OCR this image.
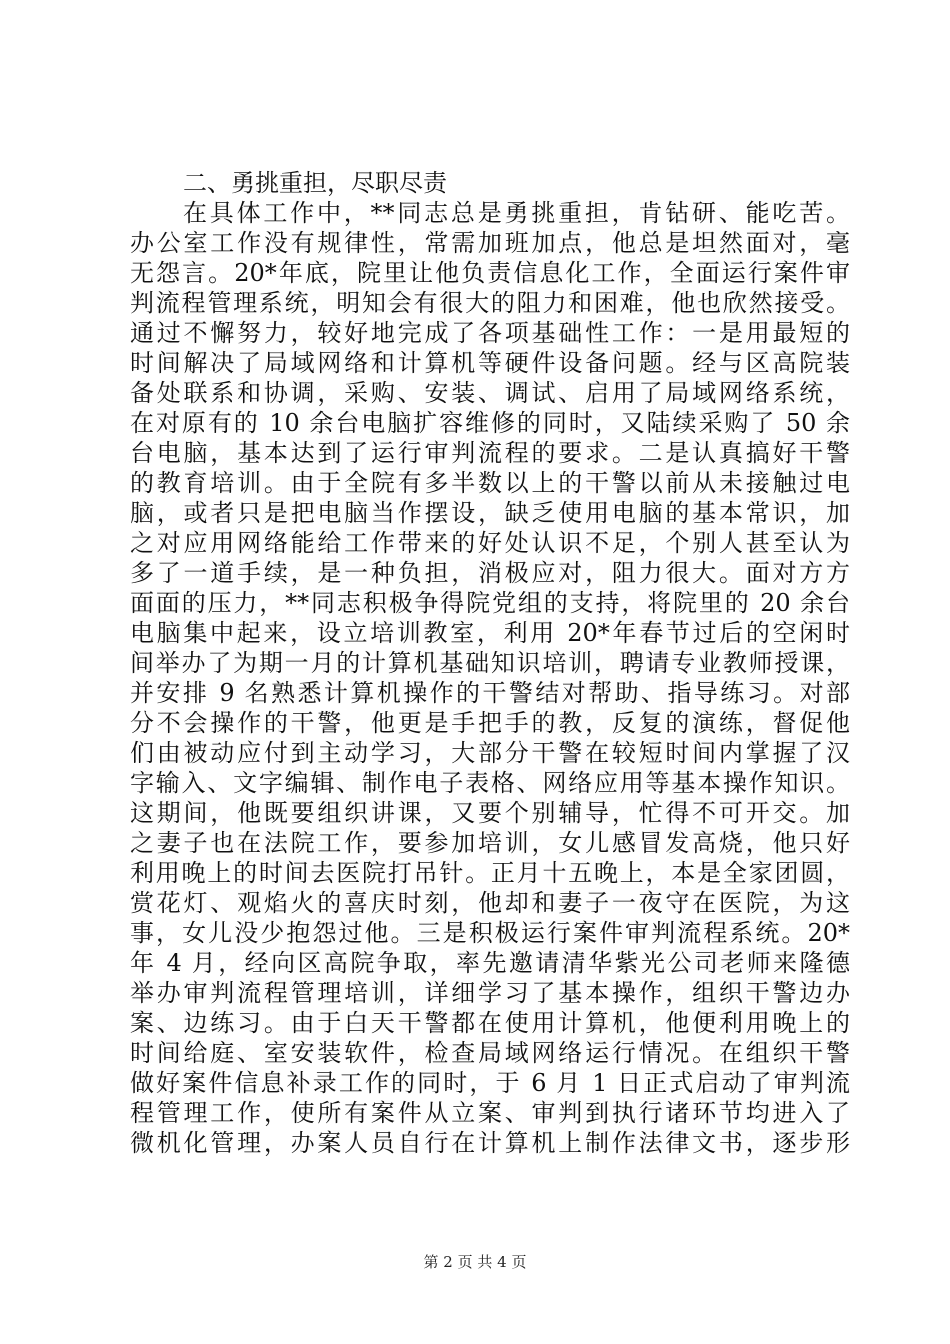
二、勇挑重担，尽职尽责
在具体工作中，**同志总是勇挑重担，肯钻研、能吃苦。
办公室工作没有规律性，常需加班加点，他总是坦然面对，毫
无怨言。20*年底，院里让他负责信息化工作，全面运行案件审
判流程管理系统，明知会有很大的阻力和困难，他也欣然接受。
通过不懈努力，较好地完成了各项基础性工作：一是用最短的
时间解决了局域网络和计算机等硬件设备问题。经与区高院装
备处联系和协调，采购、安装、调试、启用了局域网络系统，
在对原有的 10 余台电脑扩容维修的同时，又陆续采购了 50 余
台电脑，基本达到了运行审判流程的要求。二是认真搞好干警
的教育培训。由于全院有多半数以上的干警以前从未接触过电
脑，或者只是把电脑当作摆设，缺乏使用电脑的基本常识，加
之对应用网络能给工作带来的好处认识不足，个别人甚至认为
多了一道手续，是一种负担，消极应对，阻力很大。面对方方
面面的压力，**同志积极争得院党组的支持，将院里的 20 余台
电脑集中起来，设立培训教室，利用 20*年春节过后的空闲时
间举办了为期一月的计算机基础知识培训，聘请专业教师授课，
并安排 9 名熟悉计算机操作的干警结对帮助、指导练习。对部
分不会操作的干警，他更是手把手的教，反复的演练，督促他
们由被动应付到主动学习，大部分干警在较短时间内掌握了汉
字输入、文字编辑、制作电子表格、网络应用等基本操作知识。
这期间，他既要组织讲课，又要个别辅导，忙得不可开交。加
之妻子也在法院工作，要参加培训，女儿感冒发高烧，他只好
利用晚上的时间去医院打吊针。正月十五晚上，本是全家团圆，
赏花灯、观焰火的喜庆时刻，他却和妻子一夜守在医院，为这
事，女儿没少抱怨过他。三是积极运行案件审判流程系统。20*
年 4 月，经向区高院争取，率先邀请清华紫光公司老师来隆德
举办审判流程管理培训，详细学习了基本操作，组织干警边办
案、边练习。由于白天干警都在使用计算机，他便利用晚上的
时间给庭、室安装软件，检查局域网络运行情况。在组织干警
做好案件信息补录工作的同时，于 6 月 1 日正式启动了审判流
程管理工作，使所有案件从立案、审判到执行诸环节均进入了
微机化管理，办案人员自行在计算机上制作法律文书，逐步形
第 2 页 共 4 页
